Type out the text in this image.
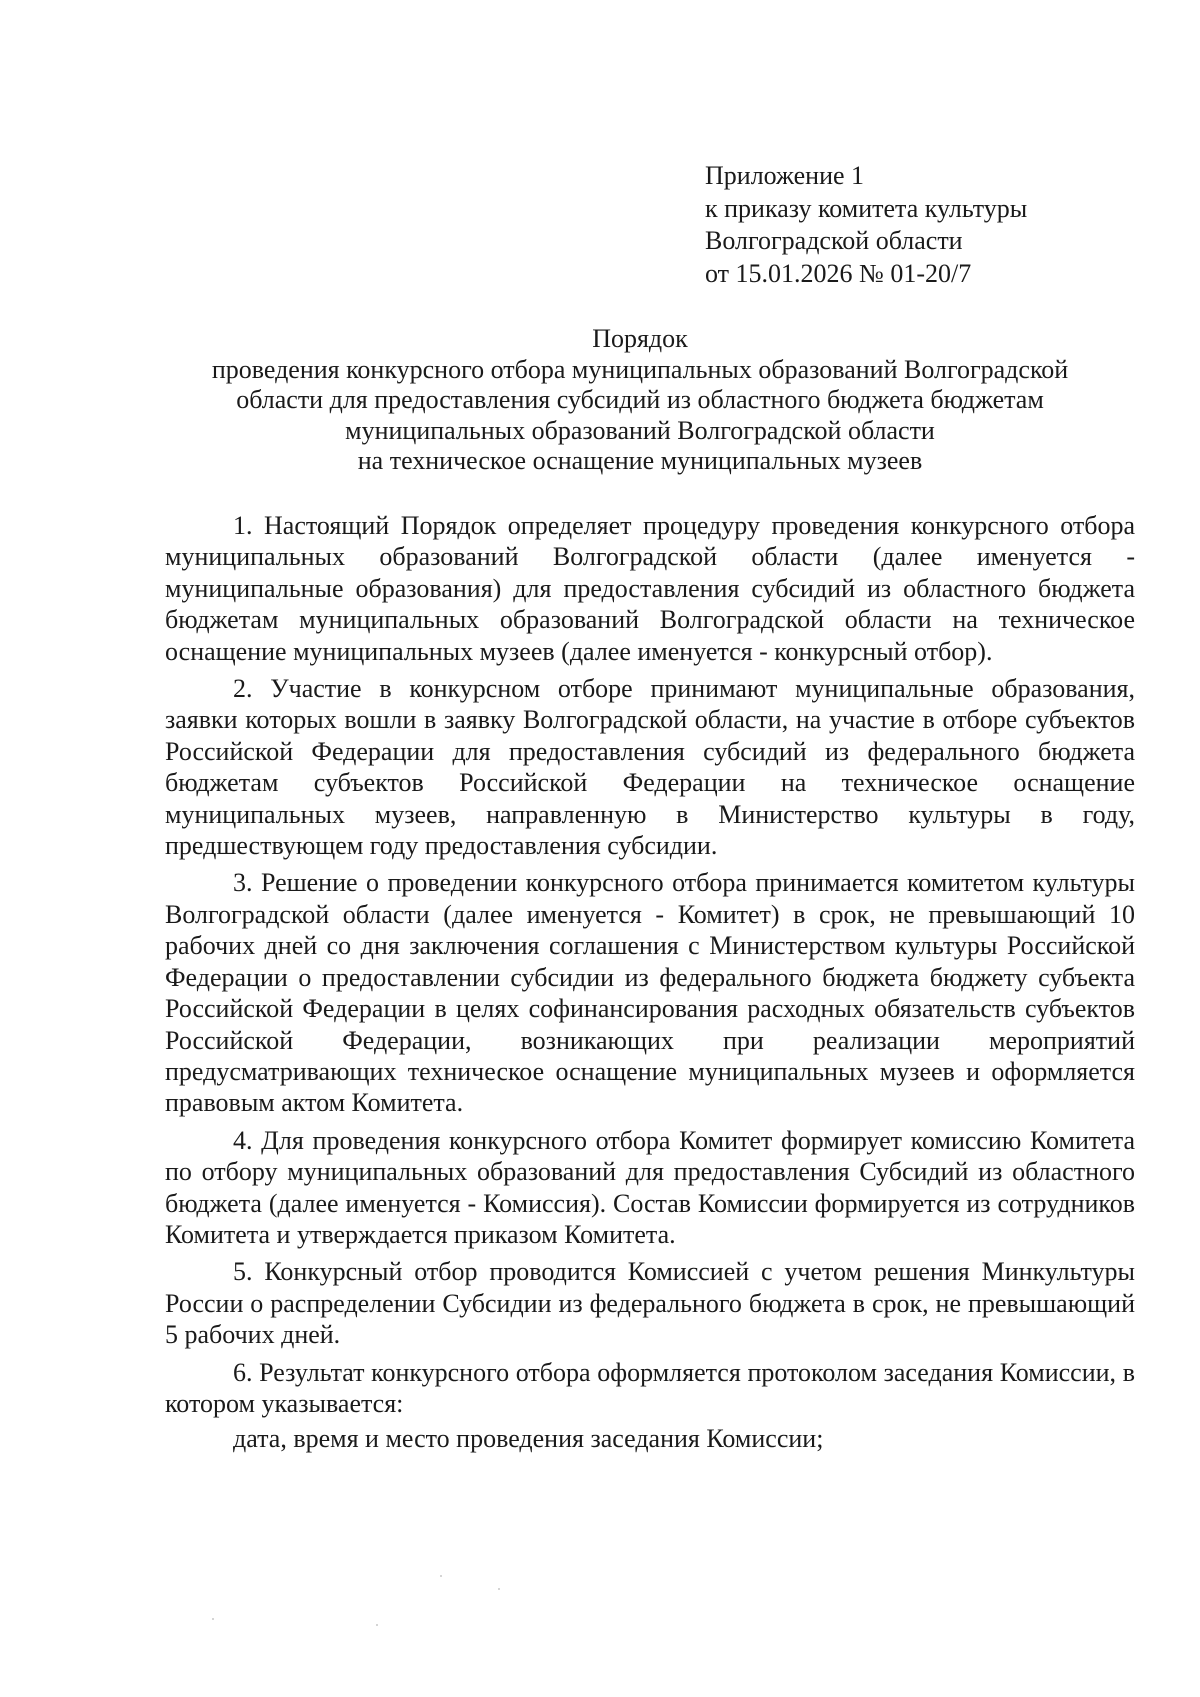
Приложение 1
к приказу комитета культуры
Волгоградской области
от 15.01.2026 № 01-20/7
Порядок
проведения конкурсного отбора муниципальных образований Волгоградской
области для предоставления субсидий из областного бюджета бюджетам
муниципальных образований Волгоградской области
на техническое оснащение муниципальных музеев

1. Настоящий Порядок определяет процедуру проведения конкурсного отбора муниципальных образований Волгоградской области (далее именуется - муниципальные образования) для предоставления субсидий из областного бюджета бюджетам муниципальных образований Волгоградской области на техническое оснащение муниципальных музеев (далее именуется - конкурсный отбор).

2. Участие в конкурсном отборе принимают муниципальные образования, заявки которых вошли в заявку Волгоградской области, на участие в отборе субъектов Российской Федерации для предоставления субсидий из федерального бюджета бюджетам субъектов Российской Федерации на техническое оснащение муниципальных музеев, направленную в Министерство культуры в году, предшествующем году предоставления субсидии.

3. Решение о проведении конкурсного отбора принимается комитетом культуры Волгоградской области (далее именуется - Комитет) в срок, не превышающий 10 рабочих дней со дня заключения соглашения с Министерством культуры Российской Федерации о предоставлении субсидии из федерального бюджета бюджету субъекта Российской Федерации в целях софинансирования расходных обязательств субъектов Российской Федерации, возникающих при реализации мероприятий предусматривающих техническое оснащение муниципальных музеев и оформляется правовым актом Комитета.

4. Для проведения конкурсного отбора Комитет формирует комиссию Комитета по отбору муниципальных образований для предоставления Субсидий из областного бюджета (далее именуется - Комиссия). Состав Комиссии формируется из сотрудников Комитета и утверждается приказом Комитета.

5. Конкурсный отбор проводится Комиссией с учетом решения Минкультуры России о распределении Субсидии из федерального бюджета в срок, не превышающий 5 рабочих дней.

6. Результат конкурсного отбора оформляется протоколом заседания Комиссии, в котором указывается:

дата, время и место проведения заседания Комиссии;
